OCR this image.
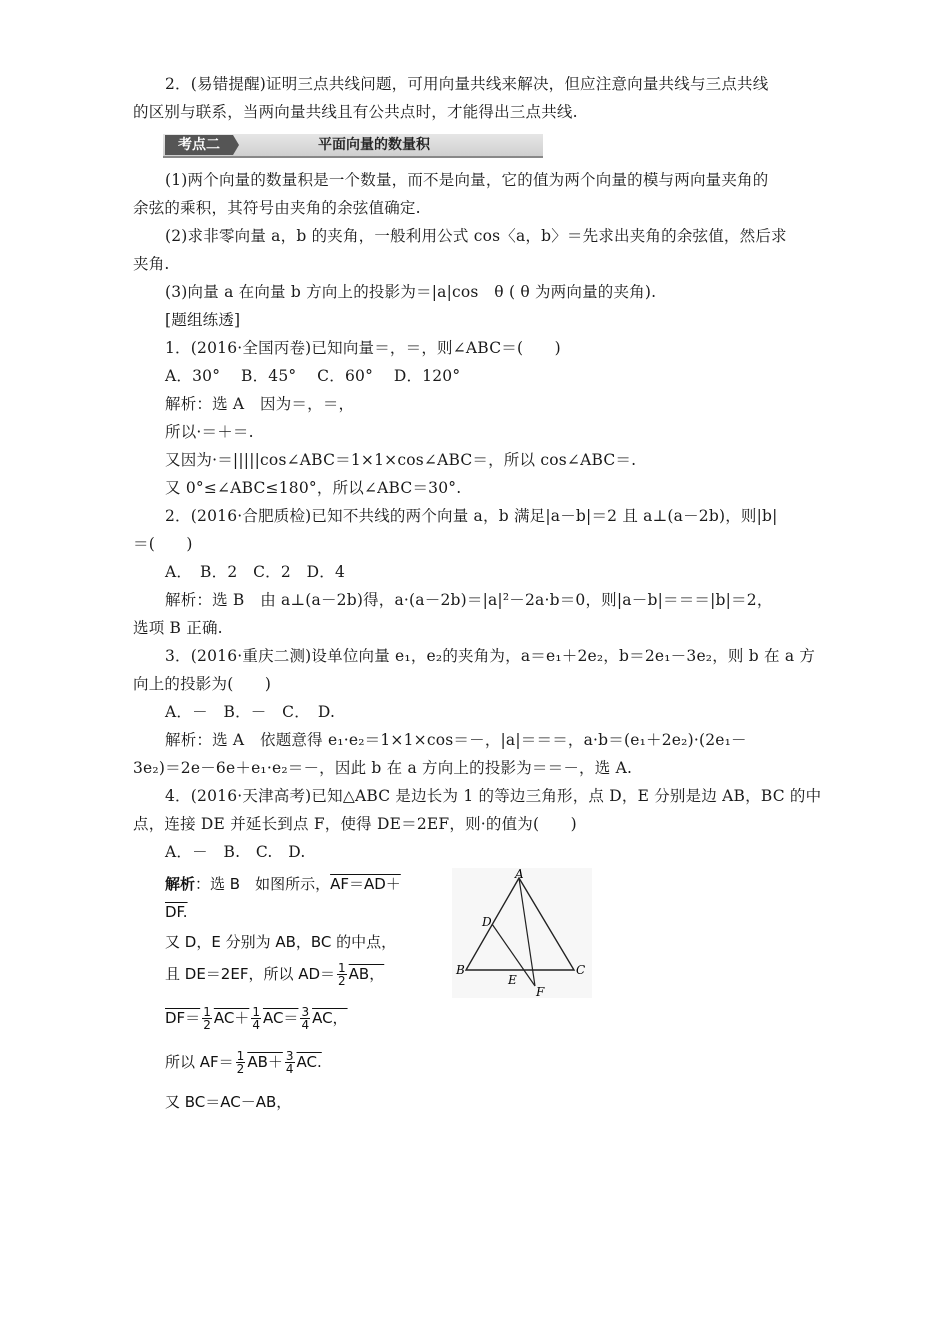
2．(易错提醒)证明三点共线问题，可用向量共线来解决，但应注意向量共线与三点共线
的区别与联系，当两向量共线且有公共点时，才能得出三点共线.
考点二	平面向量的数量积
(1)两个向量的数量积是一个数量，而不是向量，它的值为两个向量的模与两向量夹角的
余弦的乘积，其符号由夹角的余弦值确定.
(2)求非零向量 a，b 的夹角，一般利用公式 cos〈a，b〉＝先求出夹角的余弦值，然后求
夹角.
(3)向量 a 在向量 b 方向上的投影为＝|a|cos　θ ( θ 为两向量的夹角).
[题组练透]
1．(2016·全国丙卷)已知向量＝，＝，则∠ABC＝(　　)
A．30°　 B．45°　 C．60°　 D．120°
解析：选 A　因为＝，＝，
所以·＝＋＝.
又因为·＝|||||cos∠ABC＝1×1×cos∠ABC＝，所以 cos∠ABC＝.
又 0°≤∠ABC≤180°，所以∠ABC＝30°.
2．(2016·合肥质检)已知不共线的两个向量 a，b 满足|a－b|＝2 且 a⊥(a－2b)，则|b|
＝(　　)
A．　B．2　C．2　D．4
解析：选 B　由 a⊥(a－2b)得，a·(a－2b)＝|a|²－2a·b＝0，则|a－b|＝＝＝|b|＝2，
选项 B 正确.
3．(2016·重庆二测)设单位向量 e₁，e₂的夹角为，a＝e₁＋2e₂，b＝2e₁－3e₂，则 b 在 a 方
向上的投影为(　　)
A．－　B．－　C．　D.
解析：选 A　依题意得 e₁·e₂＝1×1×cos＝－，|a|＝＝＝，a·b＝(e₁＋2e₂)·(2e₁－
3e₂)＝2e－6e＋e₁·e₂＝－，因此 b 在 a 方向上的投影为＝＝－，选 A.
4．(2016·天津高考)已知△ABC 是边长为 1 的等边三角形，点 D，E 分别是边 AB，BC 的中
点，连接 DE 并延长到点 F，使得 DE＝2EF，则·的值为(　　)
A．－　B.　C.　D.
解析：选 B　如图所示，AF＝AD＋
DF.
又 D，E 分别为 AB，BC 的中点，
且 DE＝2EF，所以 $AD= \frac{1}{2}$ AB，
$DF= \frac{1}{2} AC+ \frac{1}{4} AC= \frac{3}{4}$ AC，
所以 $AF= \frac{1}{2} AB+ \frac{3}{4}$ AC.
又 BC＝AC－AB，
A
B	C
D
E
F
